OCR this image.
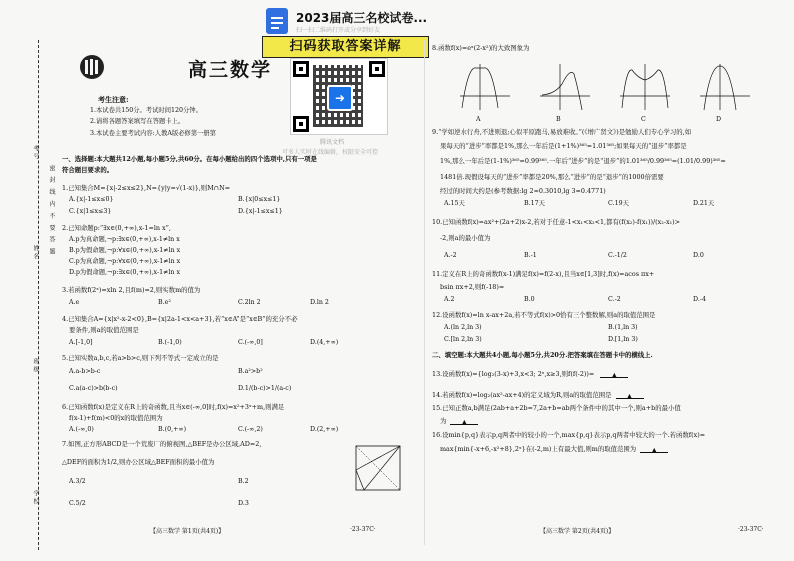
2023届高三名校试卷...
扫一扫二维码打开或分享到好友
扫码获取答案详解
➜
腾讯文档
可多人实时在线编辑，权限安全可控
密 封 线 内 不 要 答 题
考号
姓名
班级
学校
高三数学
考生注意:
1.本试卷共150分。考试时间120分钟。
2.请将各题答案填写在答题卡上。
3.本试卷主要考试内容:人教A版必修第一册第
一、选择题:本大题共12小题,每小题5分,共60分。在每小题给出的四个选项中,只有一项是
符合题目要求的。
1.已知集合M={x|-2≤x≤2},N={y|y=√(1-x)},则M∩N=
A.{x|-1≤x≤0}	B.{x|0≤x≤1}
C.{x|1≤x≤3}	D.{x|-1≤x≤1}
2.已知命题p:“∃x∈(0,+∞),x-1=ln x”,
A.p为真命题,¬p:∃x∈(0,+∞),x-1≠ln x
B.p为假命题,¬p:∀x∈(0,+∞),x-1≠ln x
C.p为真命题,¬p:∀x∈(0,+∞),x-1≠ln x
D.p为假命题,¬p:∃x∈(0,+∞),x-1≠ln x
3.若函数f(2ˣ)=xln 2,且f(m)=2,则实数m的值为
A.e	B.e²	C.2ln 2	D.ln 2
4.已知集合A={x|x²-x-2<0},B={x|2a-1<x<a+3},若“x∈A”是“x∈B”的充分不必
要条件,则a的取值范围是
A.[-1,0]	B.(-1,0)	C.(-∞,0]	D.(4,+∞)
5.已知实数a,b,c,若a>b>c,则下列不等式一定成立的是
A.a-b>b-c	B.a²>b²
C.a(a-c)>b(b-c)	D.1/(b-c)>1/(a-c)
6.已知函数f(x)是定义在R上的奇函数,且当x∈(-∞,0]时,f(x)=x²+3ˣ+m,则满足
f(x-1)+f(m)<0的x的取值范围为
A.(-∞,0)	B.(0,+∞)	C.(-∞,2)	D.(2,+∞)
7.如图,正方形ABCD是一个荒废厂的俯视图,△BEF是办公区域,AD=2,
△DEF的面积为1/2,则办公区域△BEF面积的最小值为
A.3/2	B.2
C.5/2	D.3
【高三数学 第1页(共4页)】	·23-37C·
8.函数f(x)=eˣ(2-x²)的大致图象为
A	B	C	D
9.“学如逆水行舟,不进则退;心似平原跑马,易放难收。”(《增广贤文》)是勉励人们专心学习的,如
果每天的“进步”率都是1%,那么一年后是(1+1%)³⁶⁵=1.01³⁶⁵;如果每天的“退步”率都是
1%,那么一年后是(1-1%)³⁶⁵=0.99³⁶⁵.一年后“进步”的是“退步”的1.01³⁶⁵/0.99³⁶⁵=(1.01/0.99)³⁶⁵≈
1481倍.现假设每天的“进步”率都是20%,那么“进步”的是“退步”的1000倍需要
经过的时间大约是(参考数据:lg 2≈0.3010,lg 3≈0.4771)
A.15天	B.17天	C.19天	D.21天
10.已知函数f(x)=ax²+(2a+2)x-2,若对于任意-1<x₁<x₂<1,都有(f(x₂)-f(x₁))/(x₂-x₁)>
-2,则a的最小值为
A.-2	B.-1	C.-1/2	D.0
11.定义在R上的奇函数f(x-1)满足f(x)=f(2-x),且当x∈[1,3]时,f(x)=acos πx+
bsin πx+2,则f(-18)=
A.2	B.0	C.-2	D.-4
12.设函数f(x)=ln x-ax+2a,若不等式f(x)>0恰有三个整数解,则a的取值范围是
A.(ln 2,ln 3)	B.(1,ln 3)
C.[ln 2,ln 3)	D.[1,ln 3)
二、填空题:本大题共4小题,每小题5分,共20分.把答案填在答题卡中的横线上.
13.设函数f(x)={log₂(3-x)+3,x<3; 2ˣ,x≥3,则f(f(-2))=	▲
14.若函数f(x)=log₂(ax²-ax+4)的定义域为R,则a的取值范围是 ▲
15.已知正数a,b满足(2ab+a+2b=7,2a+b=ab两个条件中的其中一个,则a+b的最小值
为 ▲
16.设min{p,q}表示p,q两者中的较小的一个,max{p,q}表示p,q两者中较大的一个.若函数f(x)=
max{min{-x+6,-x²+8},2ˣ}在(-2,m)上有最大值,则m的取值范围为 ▲
【高三数学 第2页(共4页)】	·23-37C·
